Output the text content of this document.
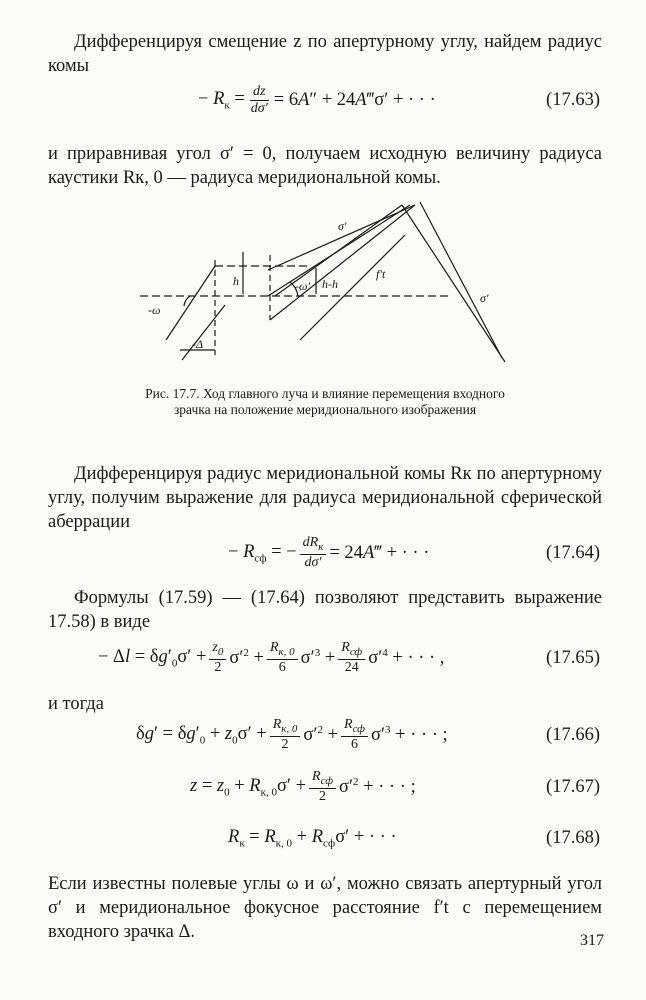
Дифференцируя смещение z по апертурному углу, найдем радиус комы

− $R_к = \frac{dz}{d\sigma'} = 6A''$ + 24A‴σ′ + · · ·	(17.63)

и приравнивая угол σ′ = 0, получаем исходную величину радиуса каустики Rк, 0 — радиуса меридиональной комы.

σ′
σ′
h
-ω
-ω′ h-h
f′t
-Δ

Рис. 17.7. Ход главного луча и влияние перемещения входного зрачка на положение меридионального изображения

Дифференцируя радиус меридиональной комы Rк по апертурному углу, получим выражение для радиуса меридиональной сферической аберрации

− $R_{сф}$ = − $\frac{dR_к}{d\sigma'}$ = 24A‴ + · · ·	(17.64)

Формулы (17.59) — (17.64) позволяют представить выражение 17.58) в виде

− $\Delta l = \delta g'_0\sigma' + \frac{z_0}{2} \sigma'^2 + \frac{R_{к, 0}}{6} \sigma'^3 + \frac{R_{сф}}{24} \sigma'^4$ + · · · ,	(17.65)

и тогда

$\delta g' = \delta g'_0 + z_0\sigma' + \frac{R_{к, 0}}{2} \sigma'^2 + \frac{R_{сф}}{6} \sigma'^3$ + · · · ;	(17.66)
$z = z_0 + R_{к, 0}\sigma' + \frac{R_{сф}}{2} \sigma'^2$ + · · · ;	(17.67)
$R_к = R_{к, 0} + R_{сф}\sigma'$ + · · ·	(17.68)

Если известны полевые углы ω и ω′, можно связать апертурный угол σ′ и меридиональное фокусное расстояние f′t с перемещением входного зрачка Δ.	317
